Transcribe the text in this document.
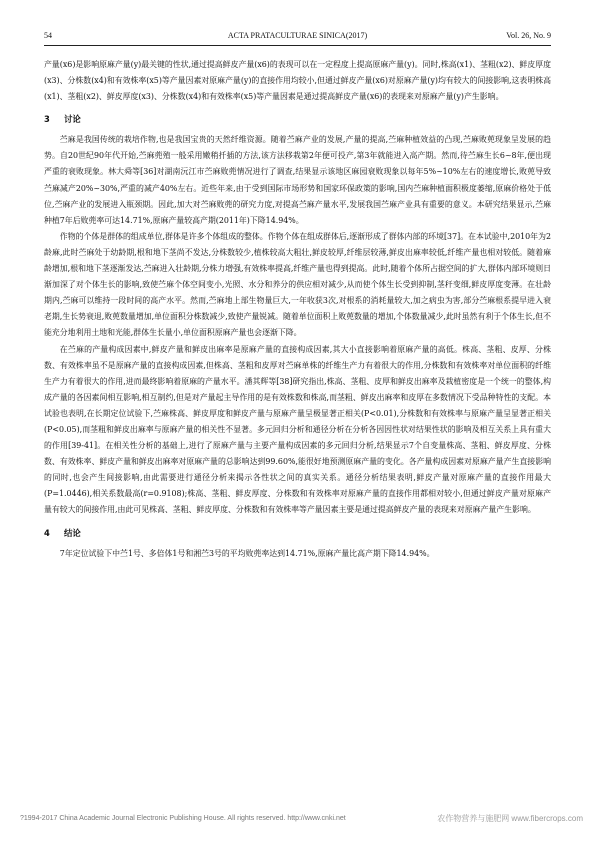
54	ACTA PRATACULTURAE SINICA(2017)	Vol. 26, No. 9

产量(x6)是影响原麻产量(y)最关键的性状,通过提高鲜皮产量(x6)的表现可以在一定程度上提高原麻产量(y)。同时,株高(x1)、茎粗(x2)、鲜皮厚度(x3)、分株数(x4)和有效株率(x5)等产量因素对原麻产量(y)的直接作用均较小,但通过鲜皮产量(x6)对原麻产量(y)均有较大的间接影响,这表明株高(x1)、茎粗(x2)、鲜皮厚度(x3)、分株数(x4)和有效株率(x5)等产量因素是通过提高鲜皮产量(x6)的表现来对原麻产量(y)产生影响。

3 讨论

苎麻是我国传统的栽培作物,也是我国宝贵的天然纤维资源。随着苎麻产业的发展,产量的提高,苎麻种植效益的凸现,苎麻败蔸现象呈发展的趋势。自20世纪90年代开始,苎麻蔸殖一般采用嫩稍扦插的方法,该方法移栽第2年便可投产,第3年就能进入高产期。然而,待苎麻生长6~8年,便出现严重的衰败现象。林大舜等[36]对湖南沅江市苎麻败蔸情况进行了调查,结果显示该地区麻园衰败现象以每年5%~10%左右的速度增长,败蔸导致苎麻减产20%~30%,严重的减产40%左右。近些年来,由于受到国际市场形势和国家环保政策的影响,国内苎麻种植面积极度萎缩,原麻价格处于低位,苎麻产业的发展进入瓶颈期。因此,加大对苎麻败蔸的研究力度,对提高苎麻产量水平,发展我国苎麻产业具有重要的意义。本研究结果显示,苎麻种植7年后败蔸率可达14.71%,原麻产量较高产期(2011年)下降14.94%。

作物的个体是群体的组成单位,群体是许多个体组成的整体。作物个体在组成群体后,逐渐形成了群体内部的环境[37]。在本试验中,2010年为2龄麻,此时苎麻处于幼龄期,根和地下茎尚不发达,分株数较少,植株较高大粗壮,鲜皮较厚,纤维层较薄,鲜皮出麻率较低,纤维产量也相对较低。随着麻龄增加,根和地下茎逐渐发达,苎麻进入壮龄期,分株力增强,有效株率提高,纤维产量也得到提高。此时,随着个体所占据空间的扩大,群体内部环境则日渐加深了对个体生长的影响,致使苎麻个体空间变小,光照、水分和养分的供应相对减少,从而使个体生长受到抑制,茎秆变细,鲜皮厚度变薄。在壮龄期内,苎麻可以维持一段时间的高产水平。然而,苎麻地上部生物量巨大,一年收获3次,对根系的消耗量较大,加之病虫为害,部分苎麻根系提早进入衰老期,生长势衰退,败蔸数量增加,单位面积分株数减少,致使产量锐减。随着单位面积上败蔸数量的增加,个体数量减少,此时虽然有利于个体生长,但不能充分地利用土地和光能,群体生长量小,单位面积原麻产量也会逐渐下降。

在苎麻的产量构成因素中,鲜皮产量和鲜皮出麻率是原麻产量的直接构成因素,其大小直接影响着原麻产量的高低。株高、茎粗、皮厚、分株数、有效株率虽不是原麻产量的直接构成因素,但株高、茎粗和皮厚对苎麻单株的纤维生产力有着很大的作用,分株数和有效株率对单位面积的纤维生产力有着很大的作用,进而最终影响着原麻的产量水平。潘其辉等[38]研究指出,株高、茎粗、皮厚和鲜皮出麻率及栽植密度是一个统一的整体,构成产量的各因素间相互影响,相互制约,但是对产量起主导作用的是有效株数和株高,而茎粗、鲜皮出麻率和皮厚在多数情况下受品种特性的支配。本试验也表明,在长期定位试验下,苎麻株高、鲜皮厚度和鲜皮产量与原麻产量呈极显著正相关(P<0.01),分株数和有效株率与原麻产量呈显著正相关(P<0.05),而茎粗和鲜皮出麻率与原麻产量的相关性不显著。多元回归分析和通径分析在分析各因因性状对结果性状的影响及相互关系上具有重大的作用[39-41]。在相关性分析的基础上,进行了原麻产量与主要产量构成因素的多元回归分析,结果显示7个自变量株高、茎粗、鲜皮厚度、分株数、有效株率、鲜皮产量和鲜皮出麻率对原麻产量的总影响达到99.60%,能很好地预测原麻产量的变化。各产量构成因素对原麻产量产生直接影响的同时,也会产生间接影响,由此需要进行通径分析来揭示各性状之间的真实关系。通径分析结果表明,鲜皮产量对原麻产量的直接作用最大(P=1.0446),相关系数最高(r=0.9108);株高、茎粗、鲜皮厚度、分株数和有效株率对原麻产量的直接作用都相对较小,但通过鲜皮产量对原麻产量有较大的间接作用,由此可见株高、茎粗、鲜皮厚度、分株数和有效株率等产量因素主要是通过提高鲜皮产量的表现来对原麻产量产生影响。

4 结论

7年定位试验下中苎1号、多倍体1号和湘苎3号的平均败蔸率达到14.71%,原麻产量比高产期下降14.94%。

?1994-2017 China Academic Journal Electronic Publishing House. All rights reserved. http://www.cnki.net	农作物营养与施肥网 www.fibercrops.com
